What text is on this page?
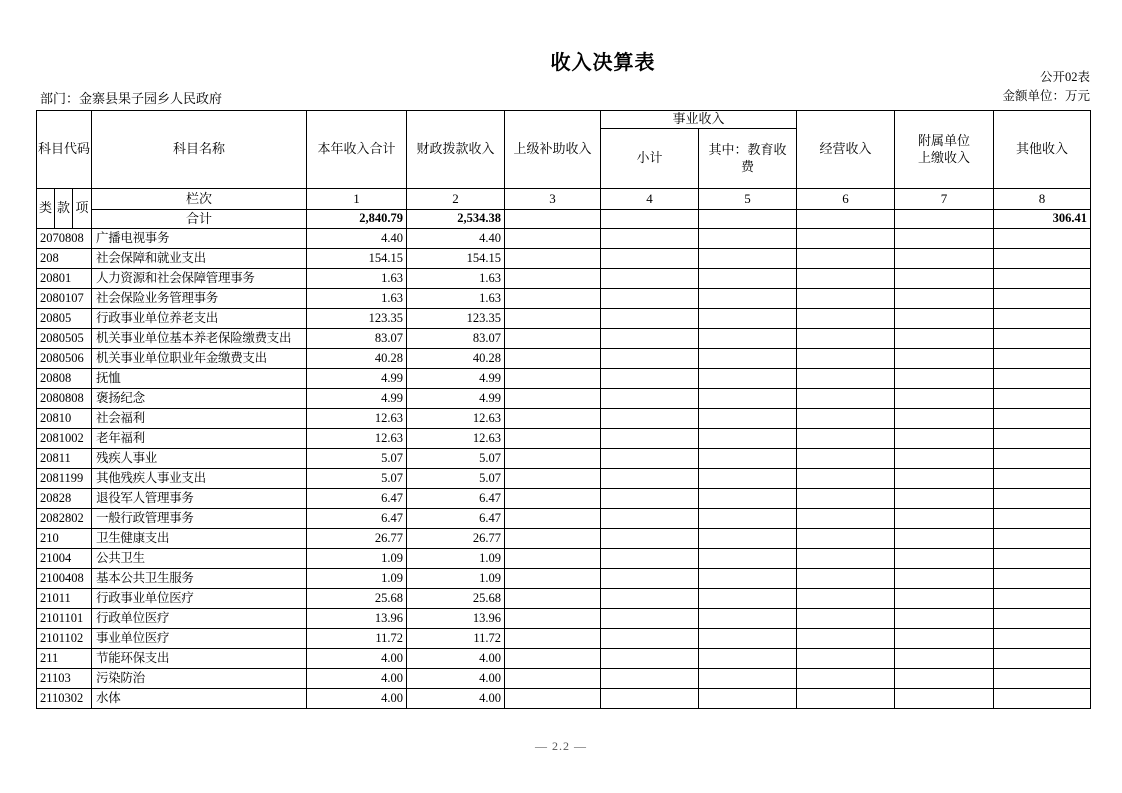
收入决算表
公开02表
部门：金寨县果子园乡人民政府	金额单位：万元
科目代码			科目名称	本年收入合计	财政拨款收入	上级补助收入	事业收入		经营收入	附属单位上缴收入	其他收入
							小计	其中：教育收费			
类	款	项	栏次	1	2	3	4	5	6	7	8
			合计	2,840.79	2,534.38						306.41
2070808			广播电视事务	4.40	4.40						
208			社会保障和就业支出	154.15	154.15						
20801			人力资源和社会保障管理事务	1.63	1.63						
2080107			社会保险业务管理事务	1.63	1.63						
20805			行政事业单位养老支出	123.35	123.35						
2080505			机关事业单位基本养老保险缴费支出	83.07	83.07						
2080506			机关事业单位职业年金缴费支出	40.28	40.28						
20808			抚恤	4.99	4.99						
2080808			褒扬纪念	4.99	4.99						
20810			社会福利	12.63	12.63						
2081002			老年福利	12.63	12.63						
20811			残疾人事业	5.07	5.07						
2081199			其他残疾人事业支出	5.07	5.07						
20828			退役军人管理事务	6.47	6.47						
2082802			一般行政管理事务	6.47	6.47						
210			卫生健康支出	26.77	26.77						
21004			公共卫生	1.09	1.09						
2100408			基本公共卫生服务	1.09	1.09						
21011			行政事业单位医疗	25.68	25.68						
2101101			行政单位医疗	13.96	13.96						
2101102			事业单位医疗	11.72	11.72						
211			节能环保支出	4.00	4.00						
21103			污染防治	4.00	4.00						
2110302			水体	4.00	4.00						
— 2.2 —
